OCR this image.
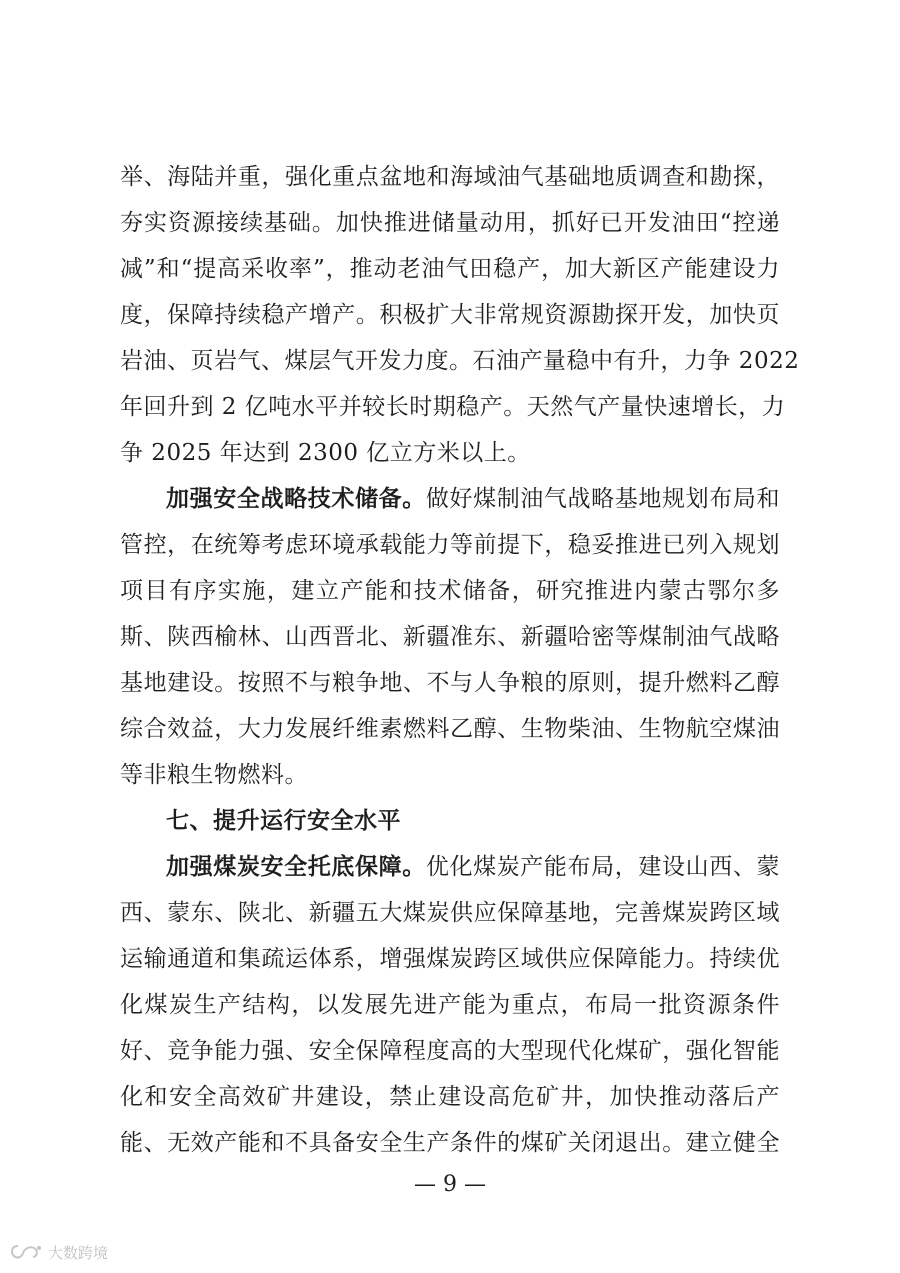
举、海陆并重，强化重点盆地和海域油气基础地质调查和勘探，
夯实资源接续基础。加快推进储量动用，抓好已开发油田“控递
减”和“提高采收率”，推动老油气田稳产，加大新区产能建设力
度，保障持续稳产增产。积极扩大非常规资源勘探开发，加快页
岩油、页岩气、煤层气开发力度。石油产量稳中有升，力争 2022
年回升到 2 亿吨水平并较长时期稳产。天然气产量快速增长，力
争 2025 年达到 2300 亿立方米以上。
加强安全战略技术储备。做好煤制油气战略基地规划布局和
管控，在统筹考虑环境承载能力等前提下，稳妥推进已列入规划
项目有序实施，建立产能和技术储备，研究推进内蒙古鄂尔多
斯、陕西榆林、山西晋北、新疆准东、新疆哈密等煤制油气战略
基地建设。按照不与粮争地、不与人争粮的原则，提升燃料乙醇
综合效益，大力发展纤维素燃料乙醇、生物柴油、生物航空煤油
等非粮生物燃料。
七、提升运行安全水平
加强煤炭安全托底保障。优化煤炭产能布局，建设山西、蒙
西、蒙东、陕北、新疆五大煤炭供应保障基地，完善煤炭跨区域
运输通道和集疏运体系，增强煤炭跨区域供应保障能力。持续优
化煤炭生产结构，以发展先进产能为重点，布局一批资源条件
好、竞争能力强、安全保障程度高的大型现代化煤矿，强化智能
化和安全高效矿井建设，禁止建设高危矿井，加快推动落后产
能、无效产能和不具备安全生产条件的煤矿关闭退出。建立健全
— 9 —
大数跨境
